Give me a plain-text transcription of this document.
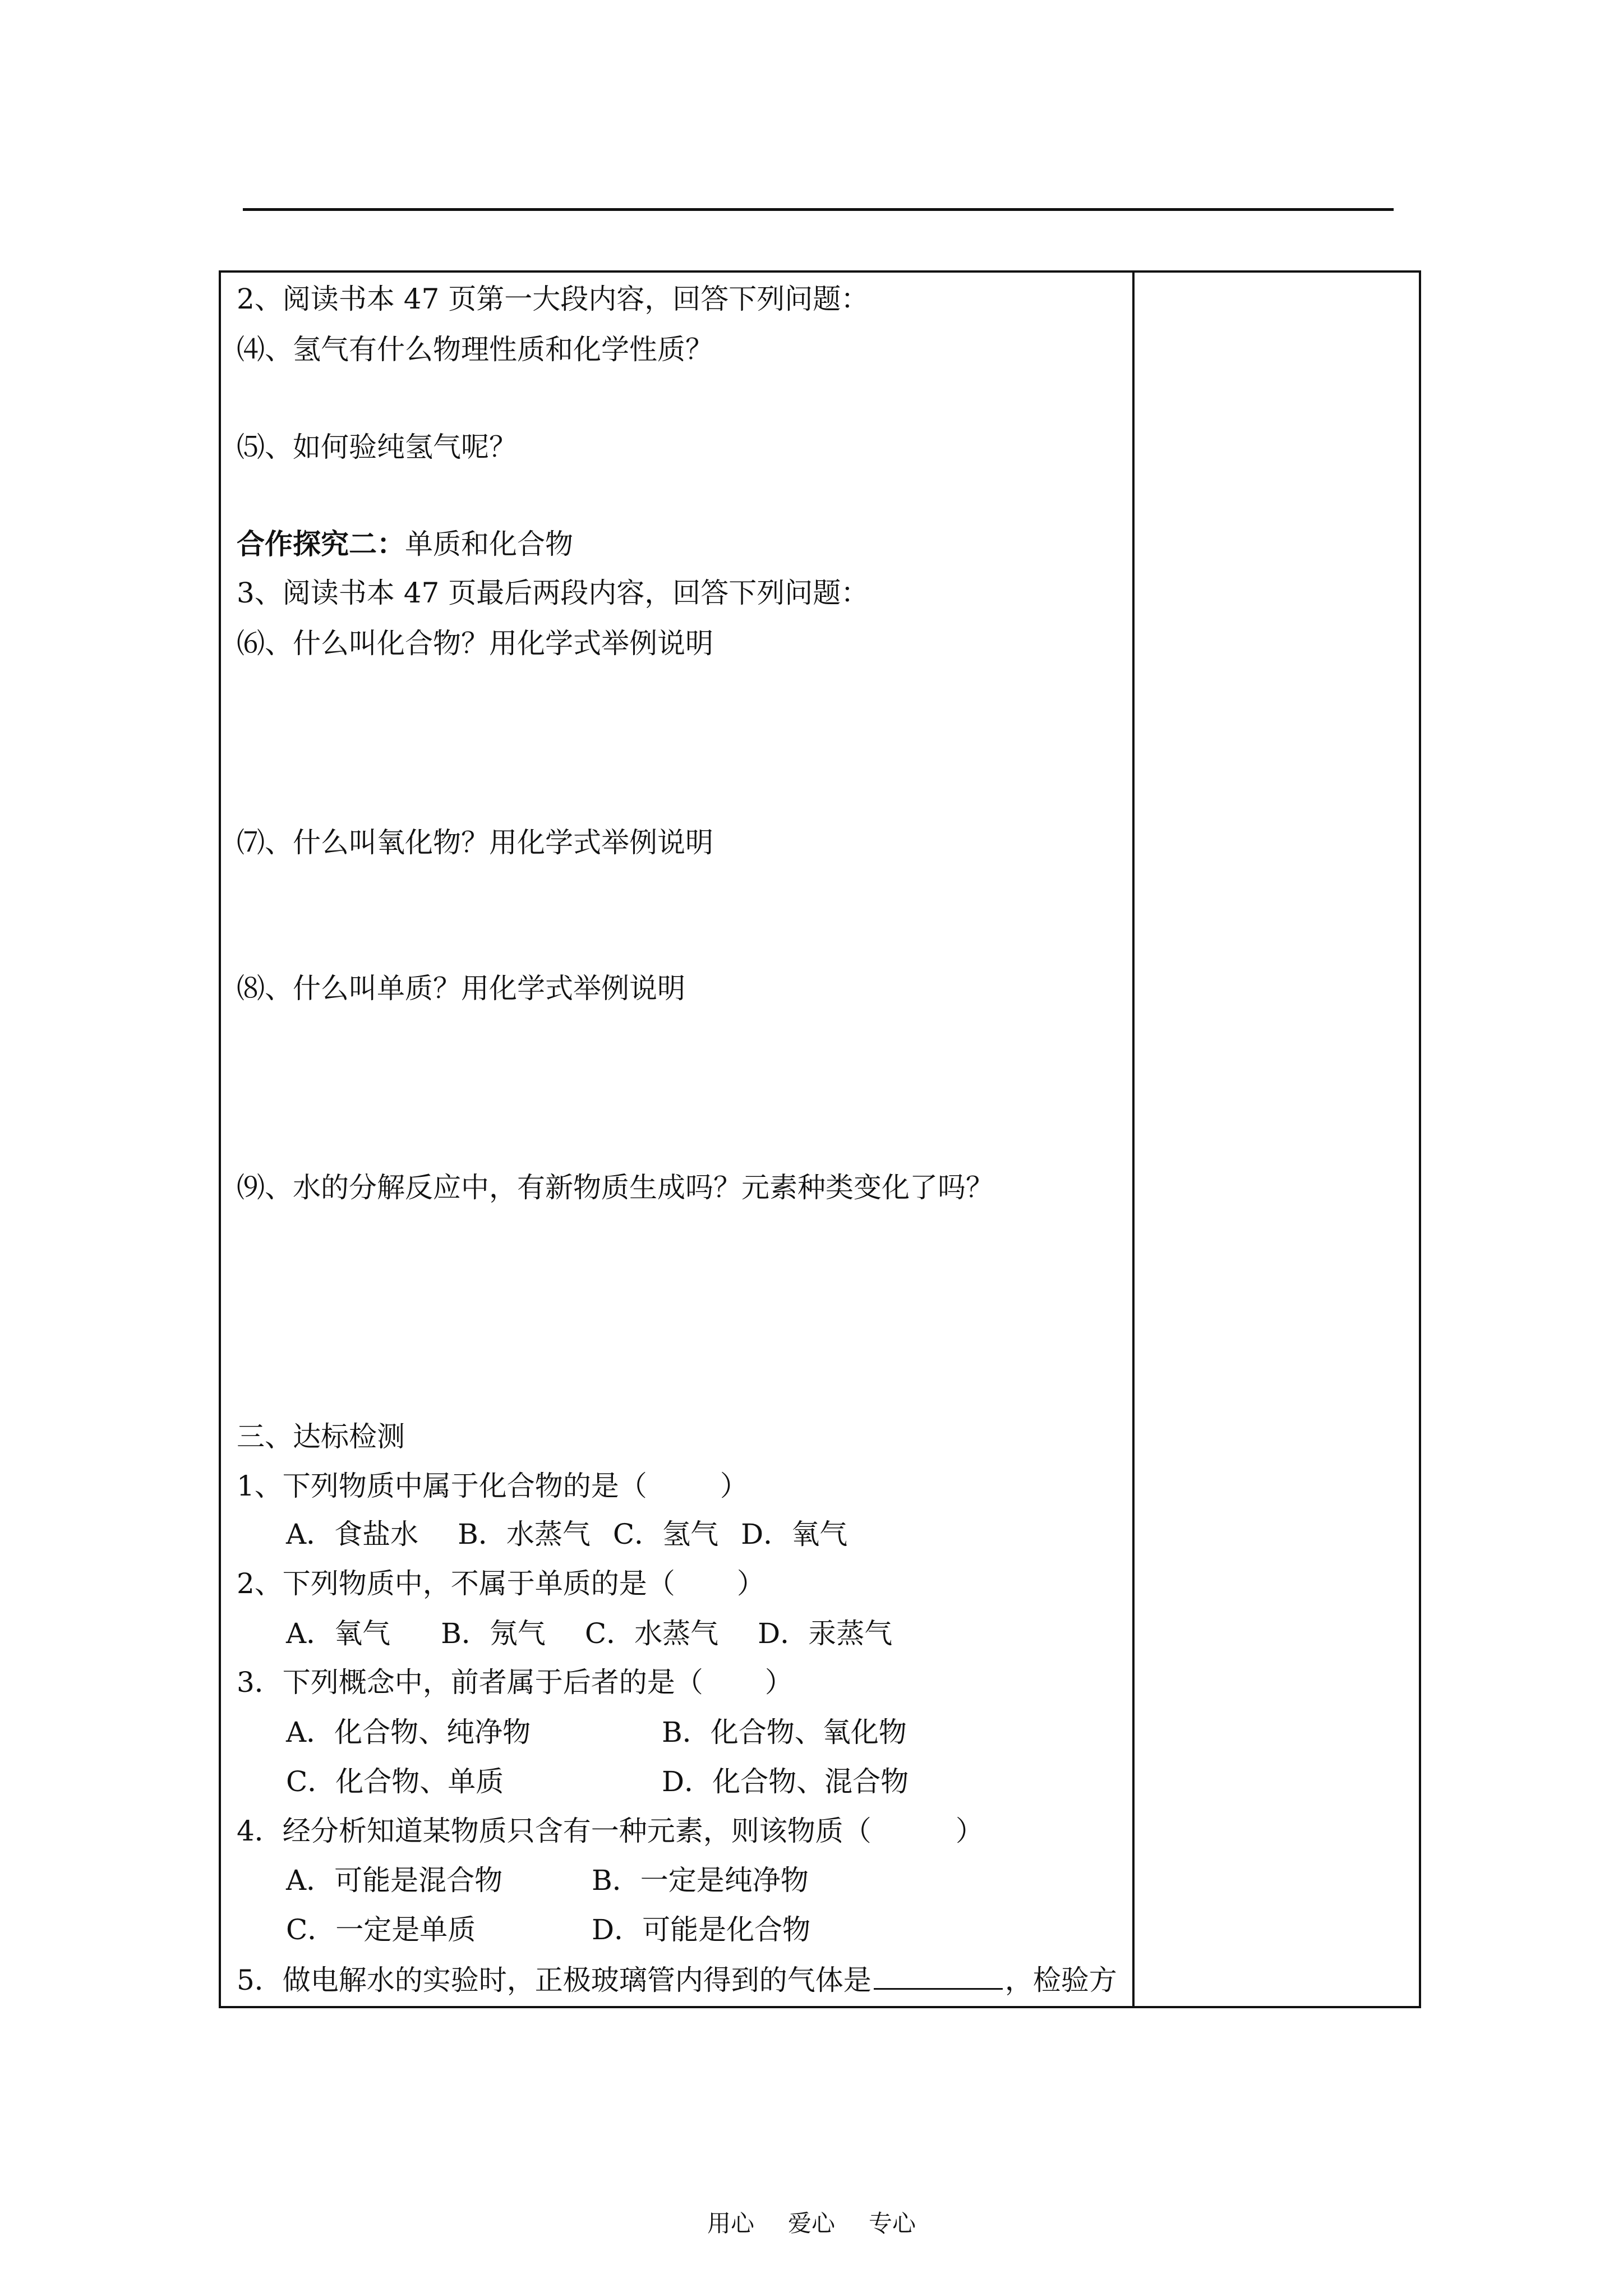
2、阅读书本 47 页第一大段内容，回答下列问题：
⑷、氢气有什么物理性质和化学性质？
⑸、如何验纯氢气呢？
合作探究二：单质和化合物
3、阅读书本 47 页最后两段内容，回答下列问题：
⑹、什么叫化合物？用化学式举例说明
⑺、什么叫氧化物？用化学式举例说明
⑻、什么叫单质？用化学式举例说明
⑼、水的分解反应中，有新物质生成吗？元素种类变化了吗？
三、达标检测
1、下列物质中属于化合物的是（	）
A．食盐水 B．水蒸气 C．氢气 D．氧气
2、下列物质中，不属于单质的是（ ）
A．氧气 B．氖气 C．水蒸气 D．汞蒸气
3．下列概念中，前者属于后者的是（ ）
A．化合物、纯净物	B．化合物、氧化物
C．化合物、单质	D．化合物、混合物
4．经分析知道某物质只含有一种元素，则该物质（	）
A．可能是混合物	B．一定是纯净物
C．一定是单质	D．可能是化合物
5．做电解水的实验时，正极玻璃管内得到的气体是	，检验方
用心 爱心 专心
